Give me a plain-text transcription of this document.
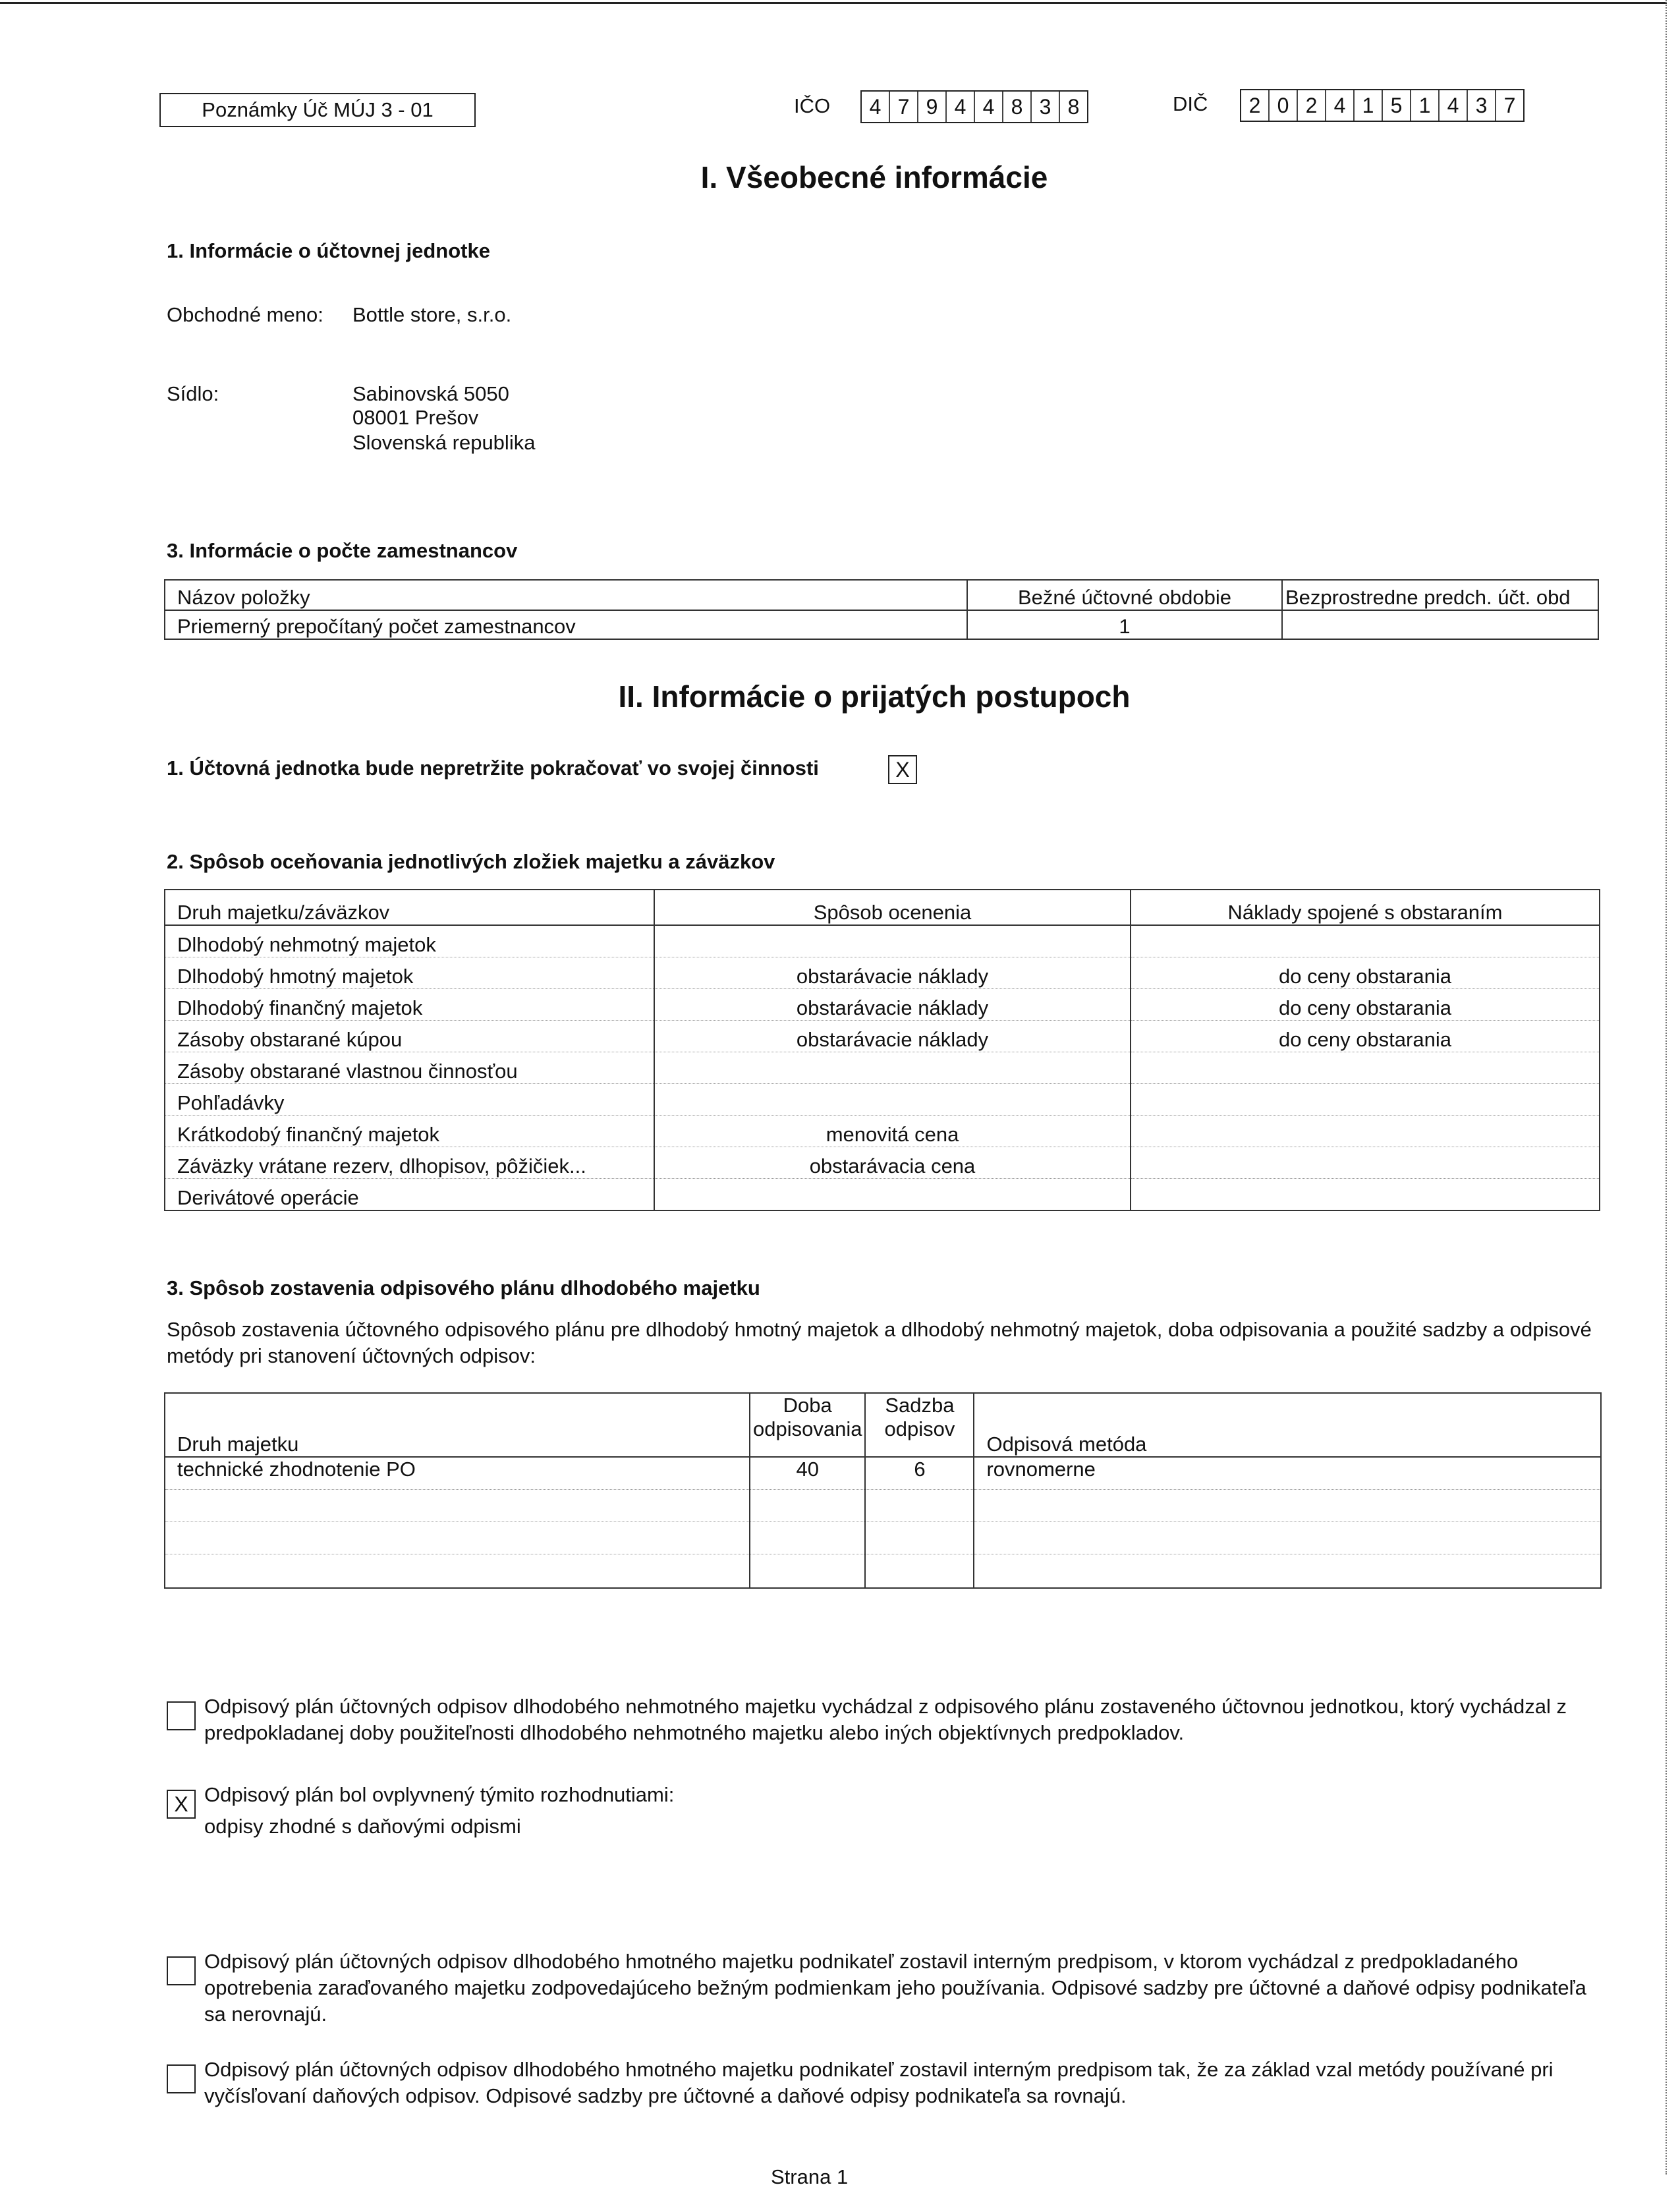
Poznámky Úč MÚJ 3 - 01	IČO	4 7 9 4 4 8 3 8	DIČ	2 0 2 4 1 5 1 4 3 7
I. Všeobecné informácie
1. Informácie o účtovnej jednotke
Obchodné meno: Bottle store, s.r.o.
Sídlo:	Sabinovská 5050
08001 Prešov
Slovenská republika
3. Informácie o počte zamestnancov
Názov položky	Bežné účtovné obdobie	Bezprostredne predch. účt. obd
Priemerný prepočítaný počet zamestnancov	1	
II. Informácie o prijatých postupoch
1. Účtovná jednotka bude nepretržite pokračovať vo svojej činnosti	X
2. Spôsob oceňovania jednotlivých zložiek majetku a záväzkov
Druh majetku/záväzkov	Spôsob ocenenia	Náklady spojené s obstaraním
Dlhodobý nehmotný majetok		
Dlhodobý hmotný majetok	obstarávacie náklady	do ceny obstarania
Dlhodobý finančný majetok	obstarávacie náklady	do ceny obstarania
Zásoby obstarané kúpou	obstarávacie náklady	do ceny obstarania
Zásoby obstarané vlastnou činnosťou		
Pohľadávky		
Krátkodobý finančný majetok	menovitá cena	
Záväzky vrátane rezerv, dlhopisov, pôžičiek...	obstarávacia cena	
Derivátové operácie		
3. Spôsob zostavenia odpisového plánu dlhodobého majetku
Spôsob zostavenia účtovného odpisového plánu pre dlhodobý hmotný majetok a dlhodobý nehmotný majetok, doba odpisovania a použité sadzby a odpisové metódy pri stanovení účtovných odpisov:
Druh majetku	Doba odpisovania	Sadzba odpisov	Odpisová metóda
technické zhodnotenie PO	40	6	rovnomerne

Odpisový plán účtovných odpisov dlhodobého nehmotného majetku vychádzal z odpisového plánu zostaveného účtovnou jednotkou, ktorý vychádzal z predpokladanej doby použiteľnosti dlhodobého nehmotného majetku alebo iných objektívnych predpokladov.
X Odpisový plán bol ovplyvnený týmito rozhodnutiami:
odpisy zhodné s daňovými odpismi
Odpisový plán účtovných odpisov dlhodobého hmotného majetku podnikateľ zostavil interným predpisom, v ktorom vychádzal z predpokladaného opotrebenia zaraďovaného majetku zodpovedajúceho bežným podmienkam jeho používania. Odpisové sadzby pre účtovné a daňové odpisy podnikateľa sa nerovnajú.
Odpisový plán účtovných odpisov dlhodobého hmotného majetku podnikateľ zostavil interným predpisom tak, že za základ vzal metódy používané pri vyčísľovaní daňových odpisov. Odpisové sadzby pre účtovné a daňové odpisy podnikateľa sa rovnajú.
Strana 1
